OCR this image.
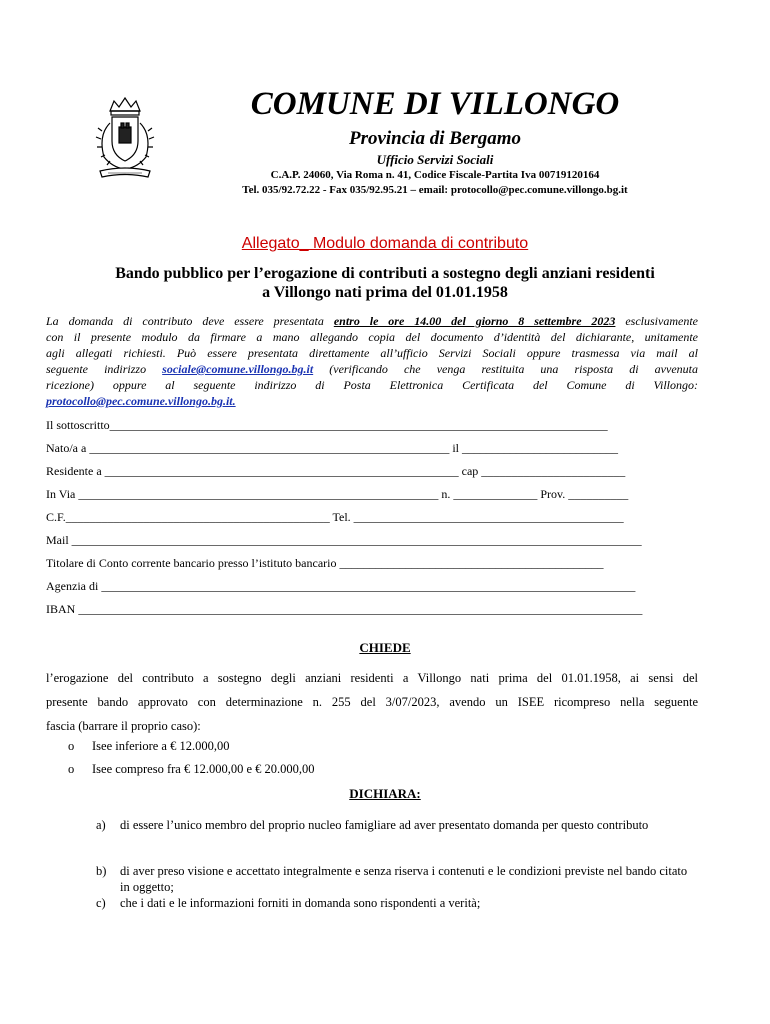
COMUNE DI VILLONGO
Provincia di Bergamo
Ufficio Servizi Sociali
C.A.P. 24060, Via Roma n. 41, Codice Fiscale-Partita Iva 00719120164
Tel. 035/92.72.22 - Fax 035/92.95.21 – email: protocollo@pec.comune.villongo.bg.it
Allegato_ Modulo domanda di contributo
Bando pubblico per l’erogazione di contributi a sostegno degli anziani residenti
a Villongo nati prima del 01.01.1958
La domanda di contributo deve essere presentata entro le ore 14.00 del giorno 8 settembre 2023 esclusivamente
con il presente modulo da firmare a mano allegando copia del documento d’identità del dichiarante, unitamente
agli allegati richiesti. Può essere presentata direttamente all’ufficio Servizi Sociali oppure trasmessa via mail al
seguente indirizzo sociale@comune.villongo.bg.it (verificando che venga restituita una risposta di avvenuta
ricezione) oppure al seguente indirizzo di Posta Elettronica Certificata del Comune di Villongo:
protocollo@pec.comune.villongo.bg.it.
Il sottoscritto___________________________________________________________________________________
Nato/a a ____________________________________________________________ il __________________________
Residente a ___________________________________________________________ cap ________________________
In Via ____________________________________________________________ n. ______________ Prov. __________
C.F.____________________________________________ Tel. _____________________________________________
Mail _______________________________________________________________________________________________
Titolare di Conto corrente bancario presso l’istituto bancario ____________________________________________
Agenzia di _________________________________________________________________________________________
IBAN ______________________________________________________________________________________________
CHIEDE
l’erogazione del contributo a sostegno degli anziani residenti a Villongo nati prima del 01.01.1958, ai sensi del
presente bando approvato con determinazione n. 255 del 3/07/2023, avendo un ISEE ricompreso nella seguente
fascia (barrare il proprio caso):
o Isee inferiore a € 12.000,00
o Isee compreso fra € 12.000,00 e € 20.000,00
DICHIARA:
a)	di essere l’unico membro del proprio nucleo famigliare ad aver presentato domanda per questo contributo
b)	di aver preso visione e accettato integralmente e senza riserva i contenuti e le condizioni previste nel bando citato in oggetto;
c)	che i dati e le informazioni forniti in domanda sono rispondenti a verità;
